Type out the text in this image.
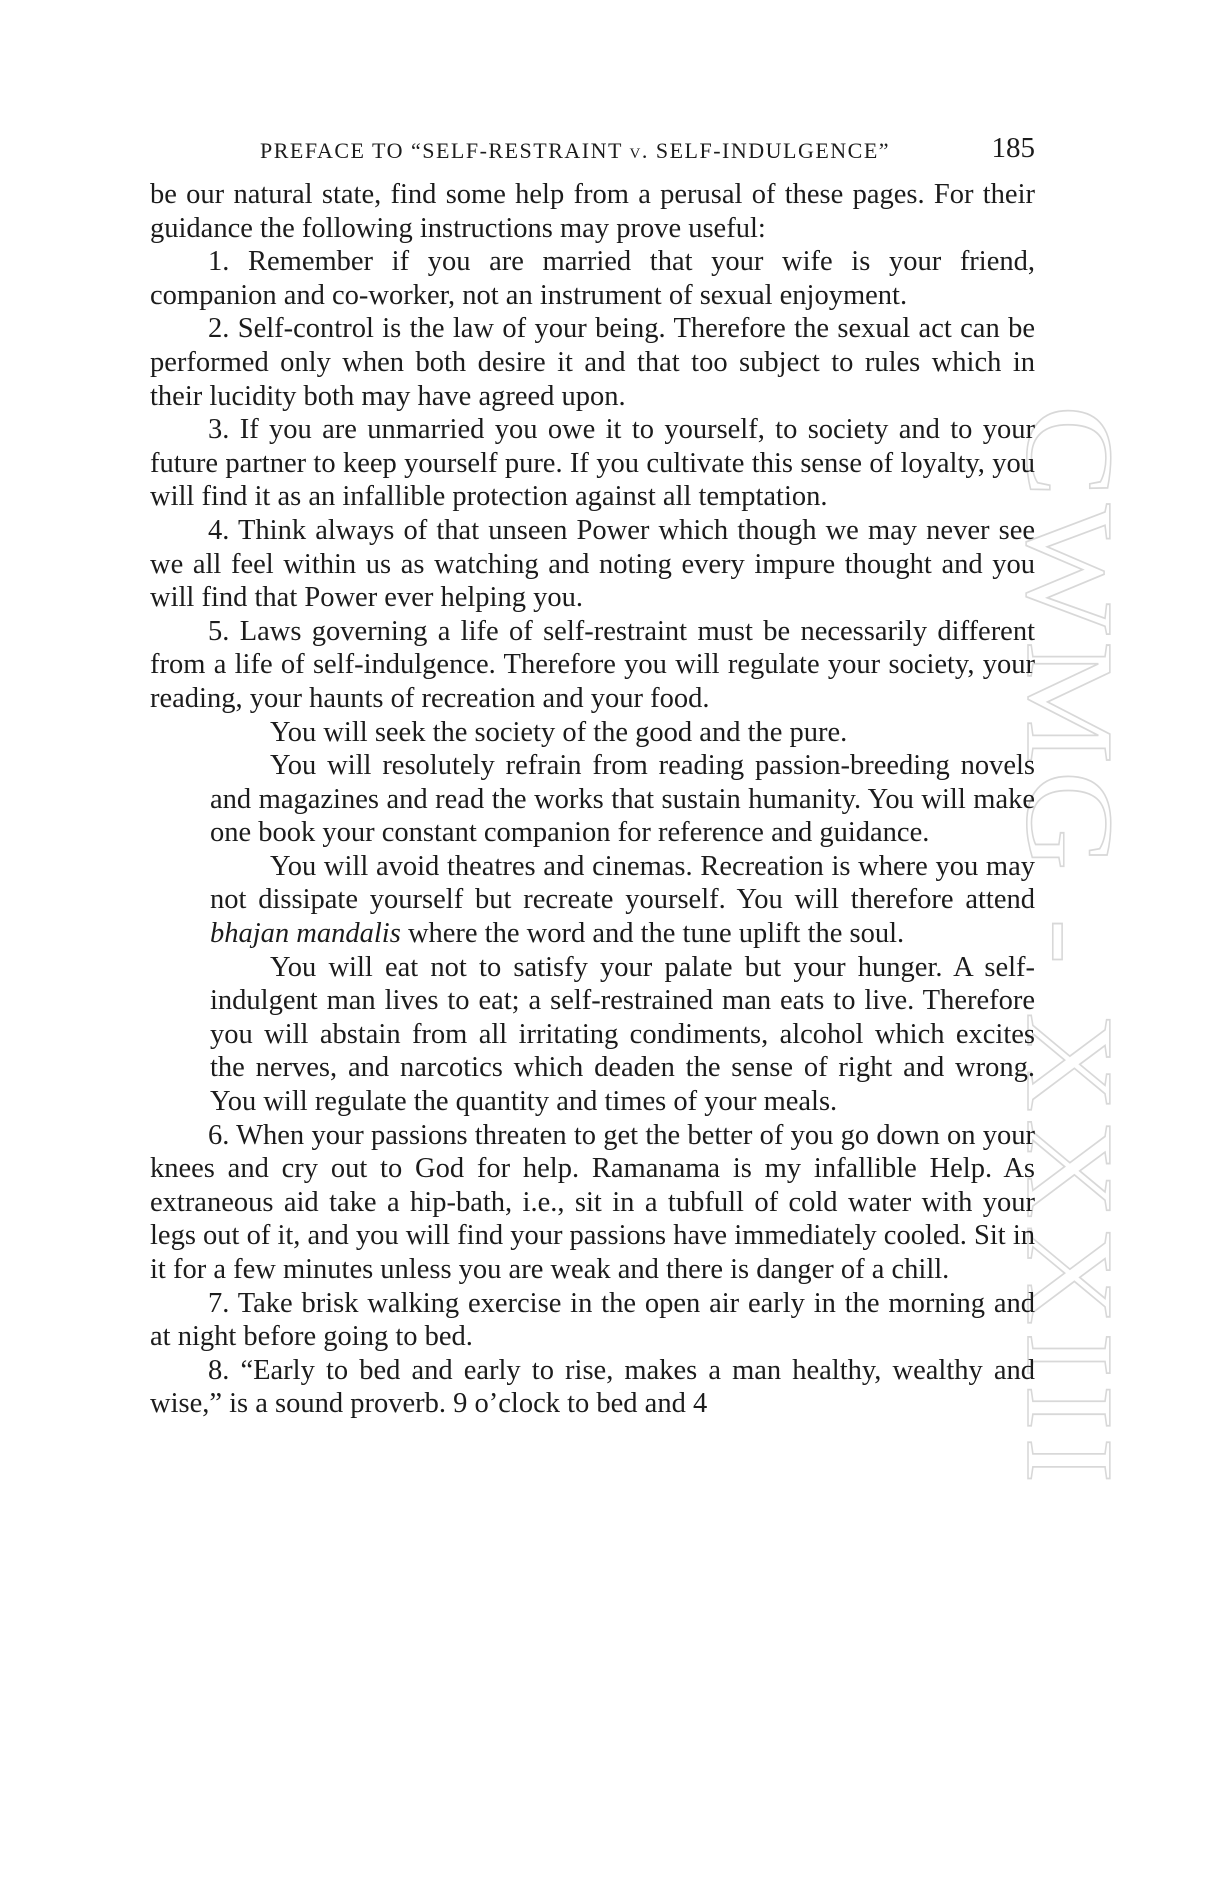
CWMG - XXXIII
PREFACE TO “SELF-RESTRAINT v. SELF-INDULGENCE”	185

be our natural state, find some help from a perusal of these pages. For their guidance the following instructions may prove useful:

1. Remember if you are married that your wife is your friend, companion and co-worker, not an instrument of sexual enjoyment.

2. Self-control is the law of your being. Therefore the sexual act can be performed only when both desire it and that too subject to rules which in their lucidity both may have agreed upon.

3. If you are unmarried you owe it to yourself, to society and to your future partner to keep yourself pure. If you cultivate this sense of loyalty, you will find it as an infallible protection against all temptation.

4. Think always of that unseen Power which though we may never see we all feel within us as watching and noting every impure thought and you will find that Power ever helping you.

5. Laws governing a life of self-restraint must be necessarily different from a life of self-indulgence. Therefore you will regulate your society, your reading, your haunts of recreation and your food.

You will seek the society of the good and the pure.

You will resolutely refrain from reading passion-breeding novels and magazines and read the works that sustain humanity. You will make one book your constant companion for reference and guidance.

You will avoid theatres and cinemas. Recreation is where you may not dissipate yourself but recreate yourself. You will therefore attend bhajan mandalis where the word and the tune uplift the soul.

You will eat not to satisfy your palate but your hunger. A self-indulgent man lives to eat; a self-restrained man eats to live. Therefore you will abstain from all irritating condiments, alcohol which excites the nerves, and narcotics which deaden the sense of right and wrong. You will regulate the quantity and times of your meals.

6. When your passions threaten to get the better of you go down on your knees and cry out to God for help. Ramanama is my infallible Help. As extraneous aid take a hip-bath, i.e., sit in a tubfull of cold water with your legs out of it, and you will find your passions have immediately cooled. Sit in it for a few minutes unless you are weak and there is danger of a chill.

7. Take brisk walking exercise in the open air early in the morning and at night before going to bed.

8. “Early to bed and early to rise, makes a man healthy, wealthy and wise,” is a sound proverb. 9 o’clock to bed and 4
